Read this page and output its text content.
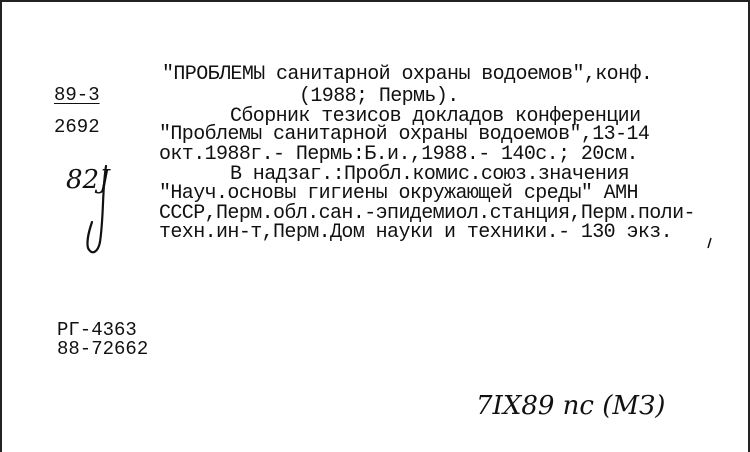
89-3
2692
"ПРОБЛЕМЫ санитарной охраны водоемов",конф.
(1988; Пермь).
Сборник тезисов докладов конференции
"Проблемы санитарной охраны водоемов",13-14
окт.1988г.- Пермь:Б.и.,1988.- 140с.; 20см.
В надзаг.:Пробл.комис.союз.значения
"Науч.основы гигиены окружающей среды" АМН
СССР,Перм.обл.сан.-эпидемиол.станция,Перм.поли-
техн.ин-т,Перм.Дом науки и техники.- 130 экз.
РГ-4363
88-72662
82J
7IX89 пс (МЗ)
